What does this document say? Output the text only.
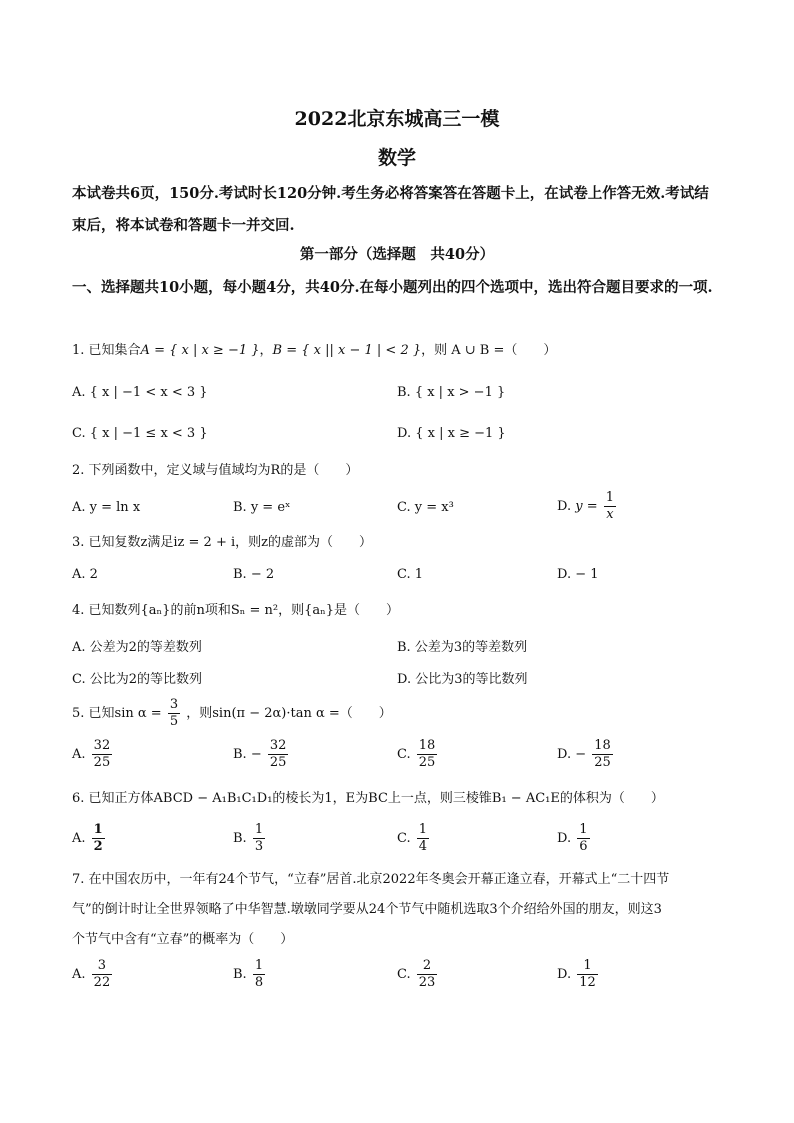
2022北京东城高三一模
数学
本试卷共6页，150分.考试时长120分钟.考生务必将答案答在答题卡上，在试卷上作答无效.考试结束后，将本试卷和答题卡一并交回.
第一部分（选择题　共40分）
一、选择题共10小题，每小题4分，共40分.在每小题列出的四个选项中，选出符合题目要求的一项.
1. 已知集合A = { x | x ≥ −1 }，B = { x || x − 1 | < 2 }，则 A ∪ B =（　　）
A. { x | −1 < x < 3 }	B. { x | x > −1 }
C. { x | −1 ≤ x < 3 }	D. { x | x ≥ −1 }
2. 下列函数中，定义域与值域均为R的是（　　）
A. y = ln x	B. y = eˣ	C. y = x³	D. $y = \frac{1}{x}$
3. 已知复数z满足iz = 2 + i，则z的虚部为（　　）
A. 2	B. − 2	C. 1	D. − 1
4. 已知数列{aₙ}的前n项和Sₙ = n²，则{aₙ}是（　　）
A. 公差为2的等差数列	B. 公差为3的等差数列
C. 公比为2的等比数列	D. 公比为3的等比数列
5. 已知$\sin \alpha = \frac{3}{5}$ ，则sin(π − 2α)·tan α =（　　）
A. $\frac{32}{25}$	B. − $\frac{32}{25}$	C. $\frac{18}{25}$	D. − $\frac{18}{25}$
6. 已知正方体ABCD − A₁B₁C₁D₁的棱长为1，E为BC上一点，则三棱锥B₁ − AC₁E的体积为（　　）
A. $\frac{1}{2}$	B. $\frac{1}{3}$	C. $\frac{1}{4}$	D. $\frac{1}{6}$
7. 在中国农历中，一年有24个节气，“立春”居首.北京2022年冬奥会开幕正逢立春，开幕式上“二十四节
气”的倒计时让全世界领略了中华智慧.墩墩同学要从24个节气中随机选取3个介绍给外国的朋友，则这3
个节气中含有“立春”的概率为（　　）
A. $\frac{3}{22}$	B. $\frac{1}{8}$	C. $\frac{2}{23}$	D. $\frac{1}{12}$
